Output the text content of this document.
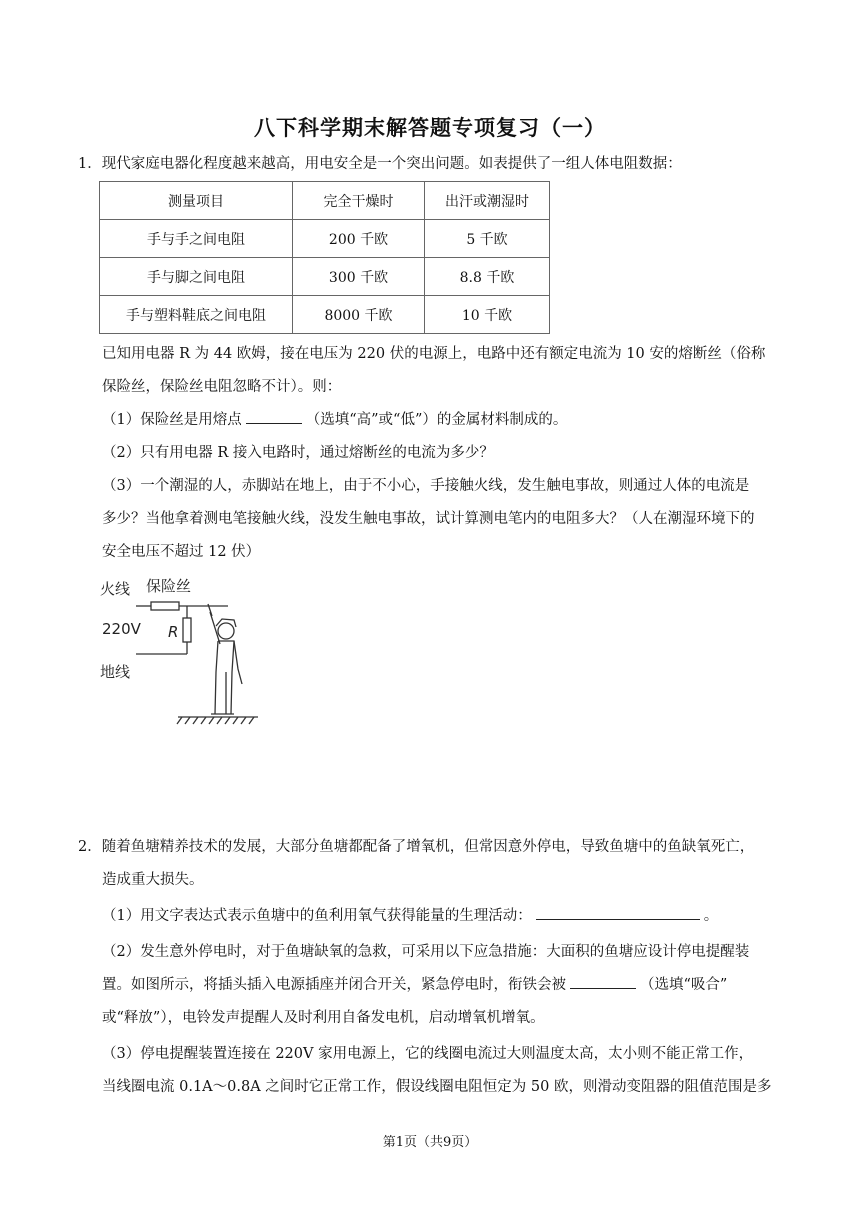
八下科学期末解答题专项复习（一）

1．现代家庭电器化程度越来越高，用电安全是一个突出问题。如表提供了一组人体电阻数据：

测量项目	完全干燥时	出汗或潮湿时
手与手之间电阻	200 千欧	5 千欧
手与脚之间电阻	300 千欧	8.8 千欧
手与塑料鞋底之间电阻	8000 千欧	10 千欧

已知用电器 R 为 44 欧姆，接在电压为 220 伏的电源上，电路中还有额定电流为 10 安的熔断丝（俗称

保险丝，保险丝电阻忽略不计）。则：

（1）保险丝是用熔点	（选填“高”或“低”）的金属材料制成的。

（2）只有用电器 R 接入电路时，通过熔断丝的电流为多少？

（3）一个潮湿的人，赤脚站在地上，由于不小心，手接触火线，发生触电事故，则通过人体的电流是

多少？当他拿着测电笔接触火线，没发生触电事故，试计算测电笔内的电阻多大？（人在潮湿环境下的

安全电压不超过 12 伏）

火线 保险丝
220V R
地线

2．随着鱼塘精养技术的发展，大部分鱼塘都配备了增氧机，但常因意外停电，导致鱼塘中的鱼缺氧死亡，

造成重大损失。

（1）用文字表达式表示鱼塘中的鱼利用氧气获得能量的生理活动：	。

（2）发生意外停电时，对于鱼塘缺氧的急救，可采用以下应急措施：大面积的鱼塘应设计停电提醒装

置。如图所示，将插头插入电源插座并闭合开关，紧急停电时，衔铁会被	（选填“吸合”

或“释放”），电铃发声提醒人及时利用自备发电机，启动增氧机增氧。

（3）停电提醒装置连接在 220V 家用电源上，它的线圈电流过大则温度太高，太小则不能正常工作，

当线圈电流 0.1A～0.8A 之间时它正常工作，假设线圈电阻恒定为 50 欧，则滑动变阻器的阻值范围是多

第1页（共9页）
